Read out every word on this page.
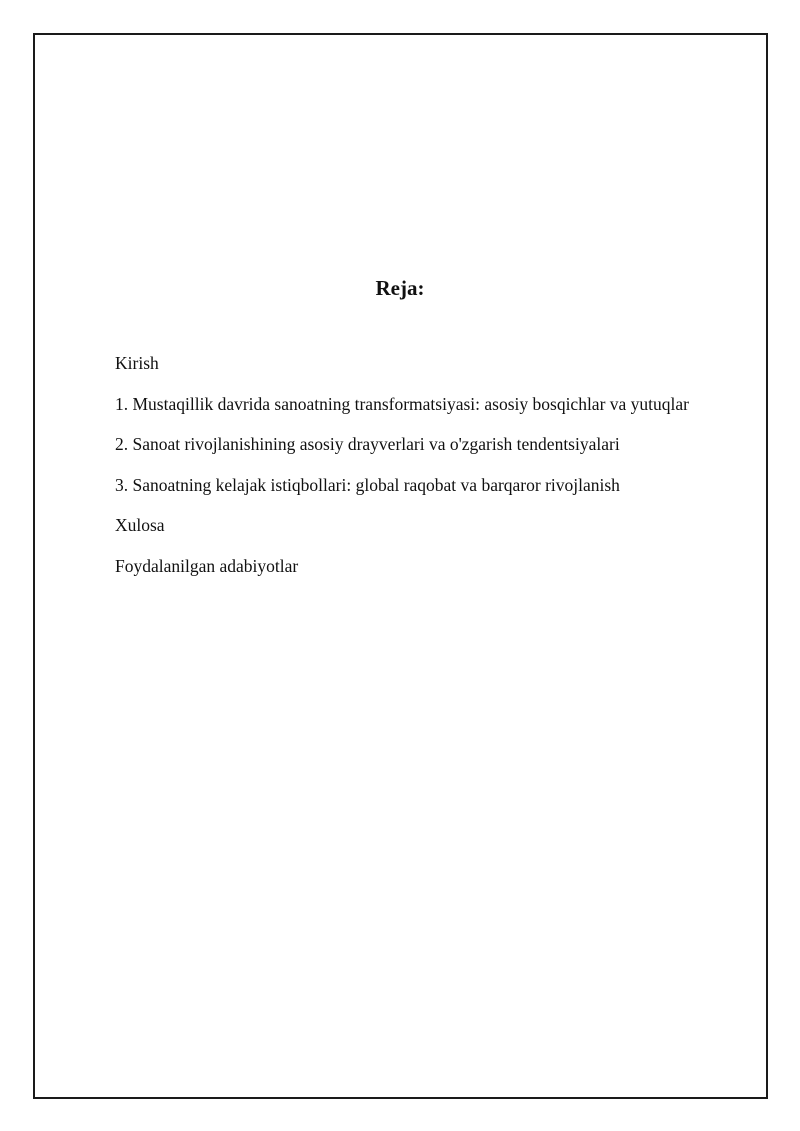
Reja:
Kirish
1. Mustaqillik davrida sanoatning transformatsiyasi: asosiy bosqichlar va yutuqlar
2. Sanoat rivojlanishining asosiy drayverlari va o'zgarish tendentsiyalari
3. Sanoatning kelajak istiqbollari: global raqobat va barqaror rivojlanish
Xulosa
Foydalanilgan adabiyotlar
